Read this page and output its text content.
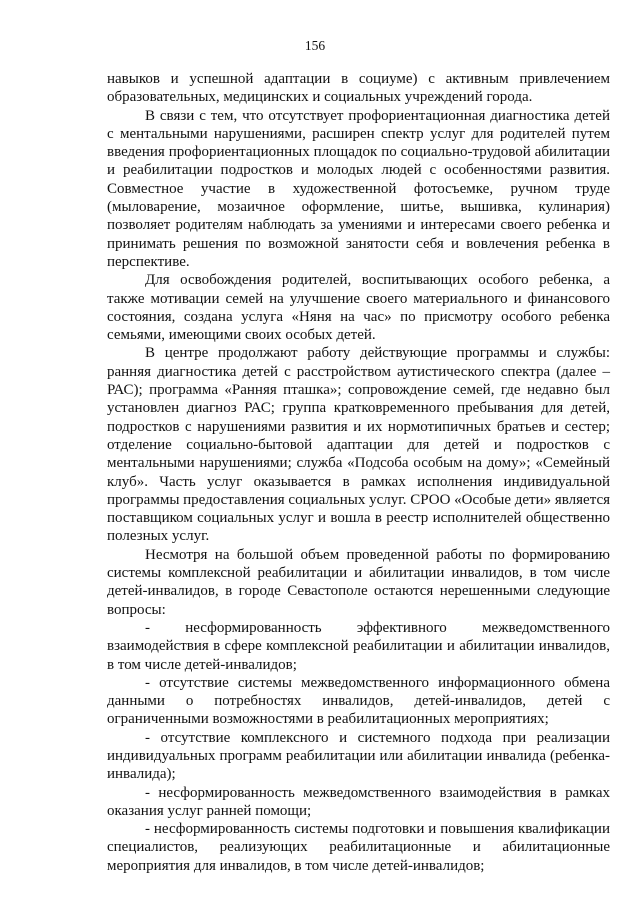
156

навыков и успешной адаптации в социуме) с активным привлечением образовательных, медицинских и социальных учреждений города.

В связи с тем, что отсутствует профориентационная диагностика детей с ментальными нарушениями, расширен спектр услуг для родителей путем введения профориентационных площадок по социально-трудовой абилитации и реабилитации подростков и молодых людей с особенностями развития. Совместное участие в художественной фотосъемке, ручном труде (мыловарение, мозаичное оформление, шитье, вышивка, кулинария) позволяет родителям наблюдать за умениями и интересами своего ребенка и принимать решения по возможной занятости себя и вовлечения ребенка в перспективе.

Для освобождения родителей, воспитывающих особого ребенка, а также мотивации семей на улучшение своего материального и финансового состояния, создана услуга «Няня на час» по присмотру особого ребенка семьями, имеющими своих особых детей.

В центре продолжают работу действующие программы и службы: ранняя диагностика детей с расстройством аутистического спектра (далее – РАС); программа «Ранняя пташка»; сопровождение семей, где недавно был установлен диагноз РАС; группа кратковременного пребывания для детей, подростков с нарушениями развития и их нормотипичных братьев и сестер; отделение социально-бытовой адаптации для детей и подростков с ментальными нарушениями; служба «Подсоба особым на дому»; «Семейный клуб». Часть услуг оказывается в рамках исполнения индивидуальной программы предоставления социальных услуг. СРОО «Особые дети» является поставщиком социальных услуг и вошла в реестр исполнителей общественно полезных услуг.

Несмотря на большой объем проведенной работы по формированию системы комплексной реабилитации и абилитации инвалидов, в том числе детей-инвалидов, в городе Севастополе остаются нерешенными следующие вопросы:

- несформированность эффективного межведомственного взаимодействия в сфере комплексной реабилитации и абилитации инвалидов, в том числе детей-инвалидов;

- отсутствие системы межведомственного информационного обмена данными о потребностях инвалидов, детей-инвалидов, детей с ограниченными возможностями в реабилитационных мероприятиях;

- отсутствие комплексного и системного подхода при реализации индивидуальных программ реабилитации или абилитации инвалида (ребенка-инвалида);

- несформированность межведомственного взаимодействия в рамках оказания услуг ранней помощи;

- несформированность системы подготовки и повышения квалификации специалистов, реализующих реабилитационные и абилитационные мероприятия для инвалидов, в том числе детей-инвалидов;
